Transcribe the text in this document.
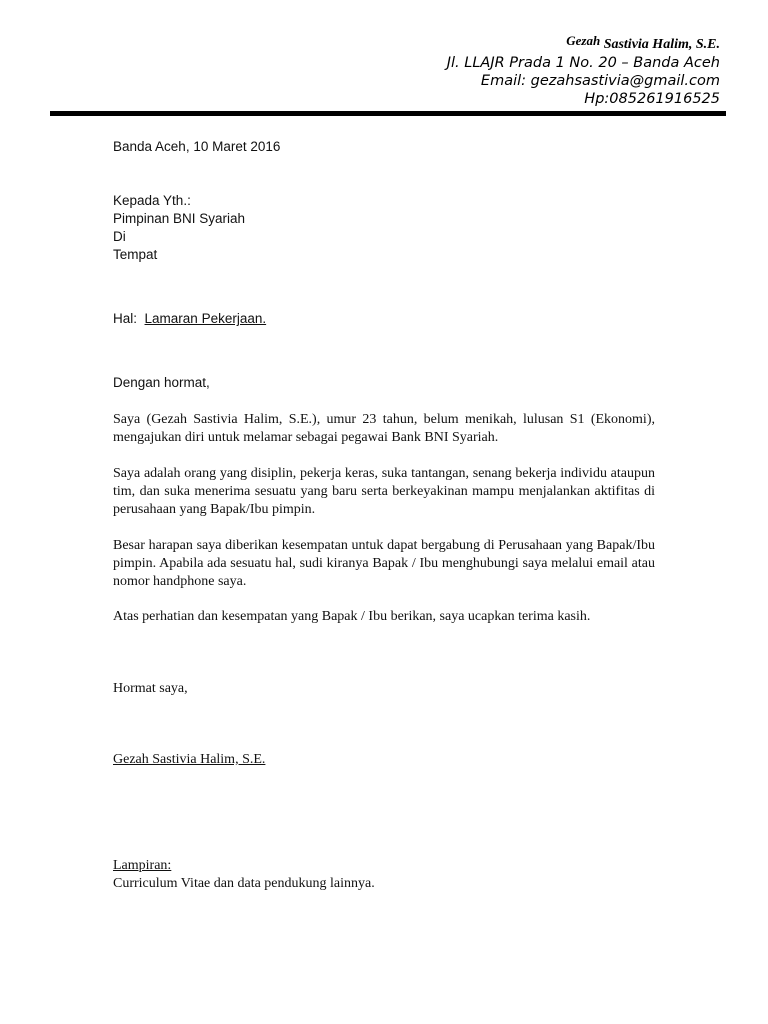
Gezah Sastivia Halim, S.E.
Jl. LLAJR Prada 1 No. 20 – Banda Aceh
Email: gezahsastivia@gmail.com
Hp:085261916525
Banda Aceh, 10 Maret 2016
Kepada Yth.:
Pimpinan BNI Syariah
Di
Tempat
Hal: Lamaran Pekerjaan.
Dengan hormat,

Saya (Gezah Sastivia Halim, S.E.), umur 23 tahun, belum menikah, lulusan S1 (Ekonomi), mengajukan diri untuk melamar sebagai pegawai Bank BNI Syariah.

Saya adalah orang yang disiplin, pekerja keras, suka tantangan, senang bekerja individu ataupun tim, dan suka menerima sesuatu yang baru serta berkeyakinan mampu menjalankan aktifitas di perusahaan yang Bapak/Ibu pimpin.

Besar harapan saya diberikan kesempatan untuk dapat bergabung di Perusahaan yang Bapak/Ibu pimpin. Apabila ada sesuatu hal, sudi kiranya Bapak / Ibu menghubungi saya melalui email atau nomor handphone saya.

Atas perhatian dan kesempatan yang Bapak / Ibu berikan, saya ucapkan terima kasih.

Hormat saya,
Gezah Sastivia Halim, S.E.
Lampiran:
Curriculum Vitae dan data pendukung lainnya.
